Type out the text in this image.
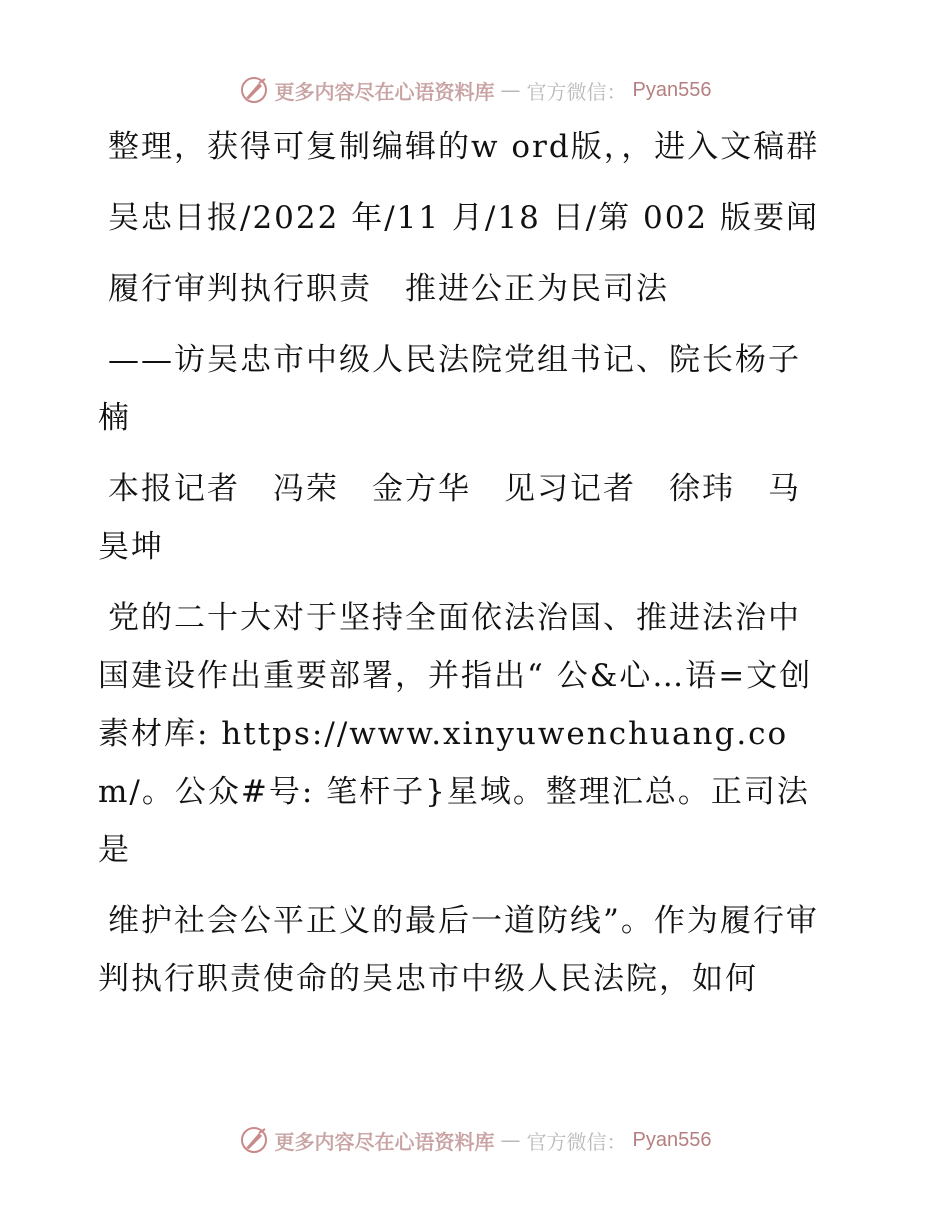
更多内容尽在心语资料库 — 官方微信： Pyan556

整理，获得可复制编辑的w ord版，，进入文稿群

吴忠日报/2022 年/11 月/18 日/第 002 版要闻

履行审判执行职责　推进公正为民司法

——访吴忠市中级人民法院党组书记、院长杨子楠

本报记者　冯荣　金方华　见习记者　徐玮　马昊坤

党的二十大对于坚持全面依法治国、推进法治中国建设作出重要部署，并指出“ 公&心…语=文创素材库: https://www.xinyuwenchuang.com/。公众#号: 笔杆子}星域。整理汇总。正司法是

维护社会公平正义的最后一道防线”。作为履行审判执行职责使命的吴忠市中级人民法院，如何

更多内容尽在心语资料库 — 官方微信： Pyan556
